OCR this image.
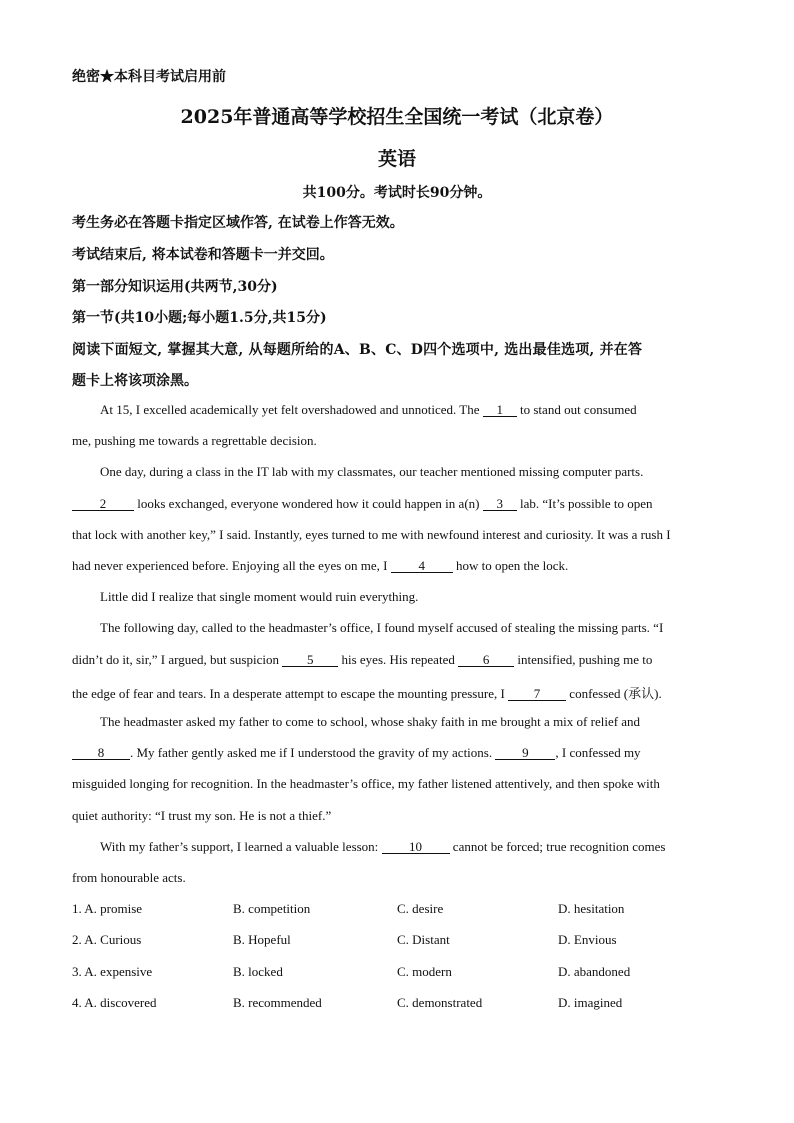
绝密★本科目考试启用前
2025年普通高等学校招生全国统一考试（北京卷）
英语
共100分。考试时长90分钟。
考生务必在答题卡指定区域作答, 在试卷上作答无效。
考试结束后, 将本试卷和答题卡一并交回。
第一部分知识运用(共两节,30分)
第一节(共10小题;每小题1.5分,共15分)
阅读下面短文, 掌握其大意, 从每题所给的A、B、C、D四个选项中, 选出最佳选项, 并在答
题卡上将该项涂黑。
At 15, I excelled academically yet felt overshadowed and unnoticed. The 1 to stand out consumed
me, pushing me towards a regrettable decision.
One day, during a class in the IT lab with my classmates, our teacher mentioned missing computer parts.
2 looks exchanged, everyone wondered how it could happen in a(n) 3 lab. “It’s possible to open
that lock with another key,” I said. Instantly, eyes turned to me with newfound interest and curiosity. It was a rush I
had never experienced before. Enjoying all the eyes on me, I 4 how to open the lock.
Little did I realize that single moment would ruin everything.
The following day, called to the headmaster’s office, I found myself accused of stealing the missing parts. “I
didn’t do it, sir,” I argued, but suspicion 5 his eyes. His repeated 6 intensified, pushing me to
the edge of fear and tears. In a desperate attempt to escape the mounting pressure, I 7 confessed (承认).
The headmaster asked my father to come to school, whose shaky faith in me brought a mix of relief and
8 . My father gently asked me if I understood the gravity of my actions. 9 , I confessed my
misguided longing for recognition. In the headmaster’s office, my father listened attentively, and then spoke with
quiet authority: “I trust my son. He is not a thief.”
With my father’s support, I learned a valuable lesson: 10 cannot be forced; true recognition comes
from honourable acts.
1. A. promise	B. competition	C. desire	D. hesitation
2. A. Curious	B. Hopeful	C. Distant	D. Envious
3. A. expensive	B. locked	C. modern	D. abandoned
4. A. discovered	B. recommended	C. demonstrated	D. imagined
